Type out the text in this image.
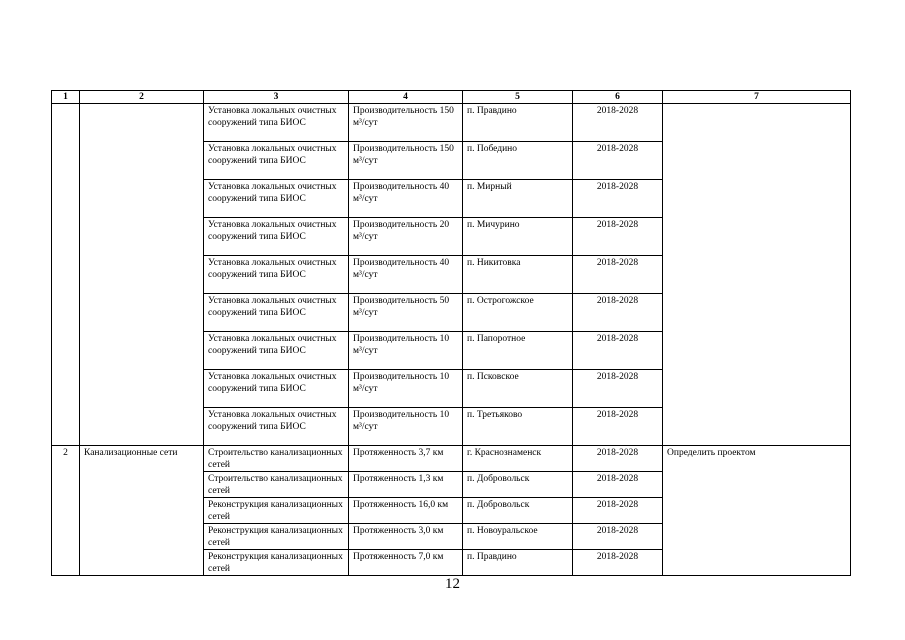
1	2	3	4	5	6	7
		Установка локальных очистных сооружений типа БИОС	Производительность 150 м³/сут	п. Правдино	2018-2028	
		Установка локальных очистных сооружений типа БИОС	Производительность 150 м³/сут	п. Победино	2018-2028	
		Установка локальных очистных сооружений типа БИОС	Производительность 40 м³/сут	п. Мирный	2018-2028	
		Установка локальных очистных сооружений типа БИОС	Производительность 20 м³/сут	п. Мичурино	2018-2028	
		Установка локальных очистных сооружений типа БИОС	Производительность 40 м³/сут	п. Никитовка	2018-2028	
		Установка локальных очистных сооружений типа БИОС	Производительность 50 м³/сут	п. Острогожское	2018-2028	
		Установка локальных очистных сооружений типа БИОС	Производительность 10 м³/сут	п. Папоротное	2018-2028	
		Установка локальных очистных сооружений типа БИОС	Производительность 10 м³/сут	п. Псковское	2018-2028	
		Установка локальных очистных сооружений типа БИОС	Производительность 10 м³/сут	п. Третьяково	2018-2028	
2	Канализационные сети	Строительство канализационных сетей	Протяженность 3,7 км	г. Краснознаменск	2018-2028	Определить проектом
		Строительство канализационных сетей	Протяженность 1,3 км	п. Добровольск	2018-2028	
		Реконструкция канализационных сетей	Протяженность 16,0 км	п. Добровольск	2018-2028	
		Реконструкция канализационных сетей	Протяженность 3,0 км	п. Новоуральское	2018-2028	
		Реконструкция канализационных сетей	Протяженность 7,0 км	п. Правдино	2018-2028	
12
